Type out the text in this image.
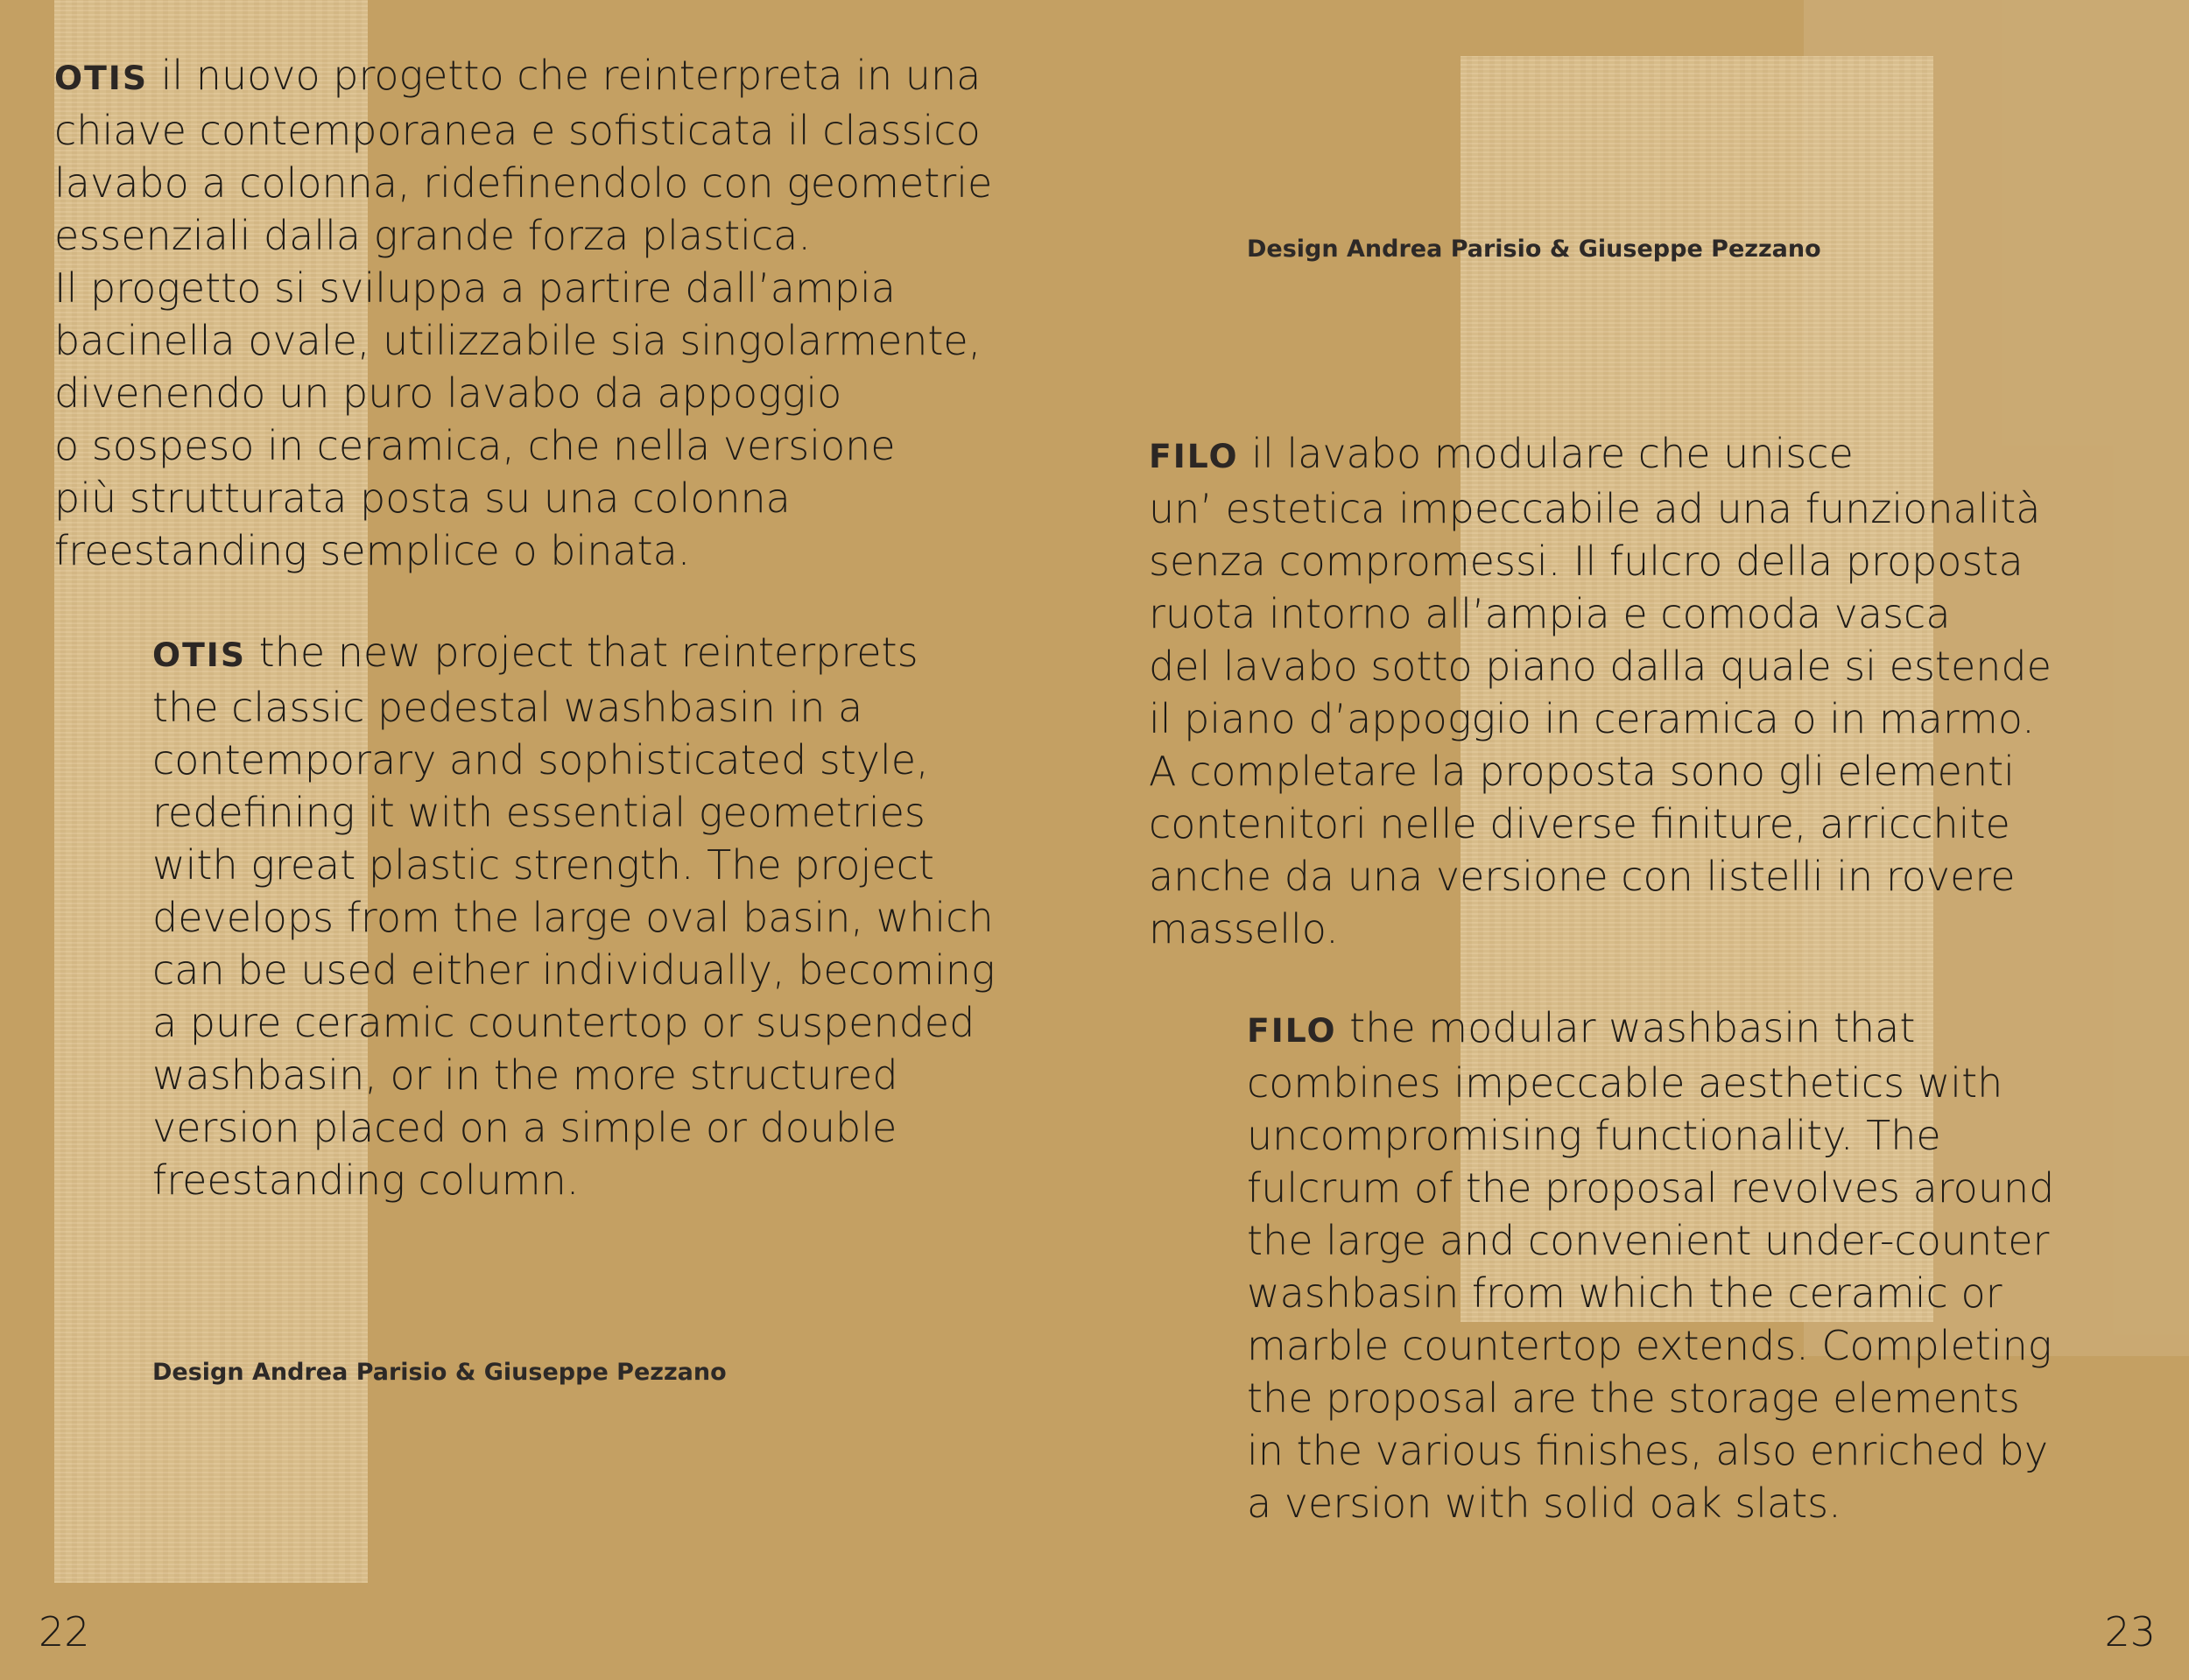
OTIS il nuovo progetto che reinterpreta in una
chiave contemporanea e sofisticata il classico
lavabo a colonna, ridefinendolo con geometrie
essenziali dalla grande forza plastica.
Il progetto si sviluppa a partire dall’ampia
bacinella ovale, utilizzabile sia singolarmente,
divenendo un puro lavabo da appoggio
o sospeso in ceramica, che nella versione
più strutturata posta su una colonna
freestanding semplice o binata.

OTIS the new project that reinterprets
the classic pedestal washbasin in a
contemporary and sophisticated style,
redefining it with essential geometries
with great plastic strength. The project
develops from the large oval basin, which
can be used either individually, becoming
a pure ceramic countertop or suspended
washbasin, or in the more structured
version placed on a simple or double
freestanding column.

Design Andrea Parisio & Giuseppe Pezzano

Design Andrea Parisio & Giuseppe Pezzano

FILO il lavabo modulare che unisce
un’ estetica impeccabile ad una funzionalità
senza compromessi. Il fulcro della proposta
ruota intorno all’ampia e comoda vasca
del lavabo sotto piano dalla quale si estende
il piano d’appoggio in ceramica o in marmo.
A completare la proposta sono gli elementi
contenitori nelle diverse finiture, arricchite
anche da una versione con listelli in rovere
massello.

FILO the modular washbasin that
combines impeccable aesthetics with
uncompromising functionality. The
fulcrum of the proposal revolves around
the large and convenient under-counter
washbasin from which the ceramic or
marble countertop extends. Completing
the proposal are the storage elements
in the various finishes, also enriched by
a version with solid oak slats.

22	23
